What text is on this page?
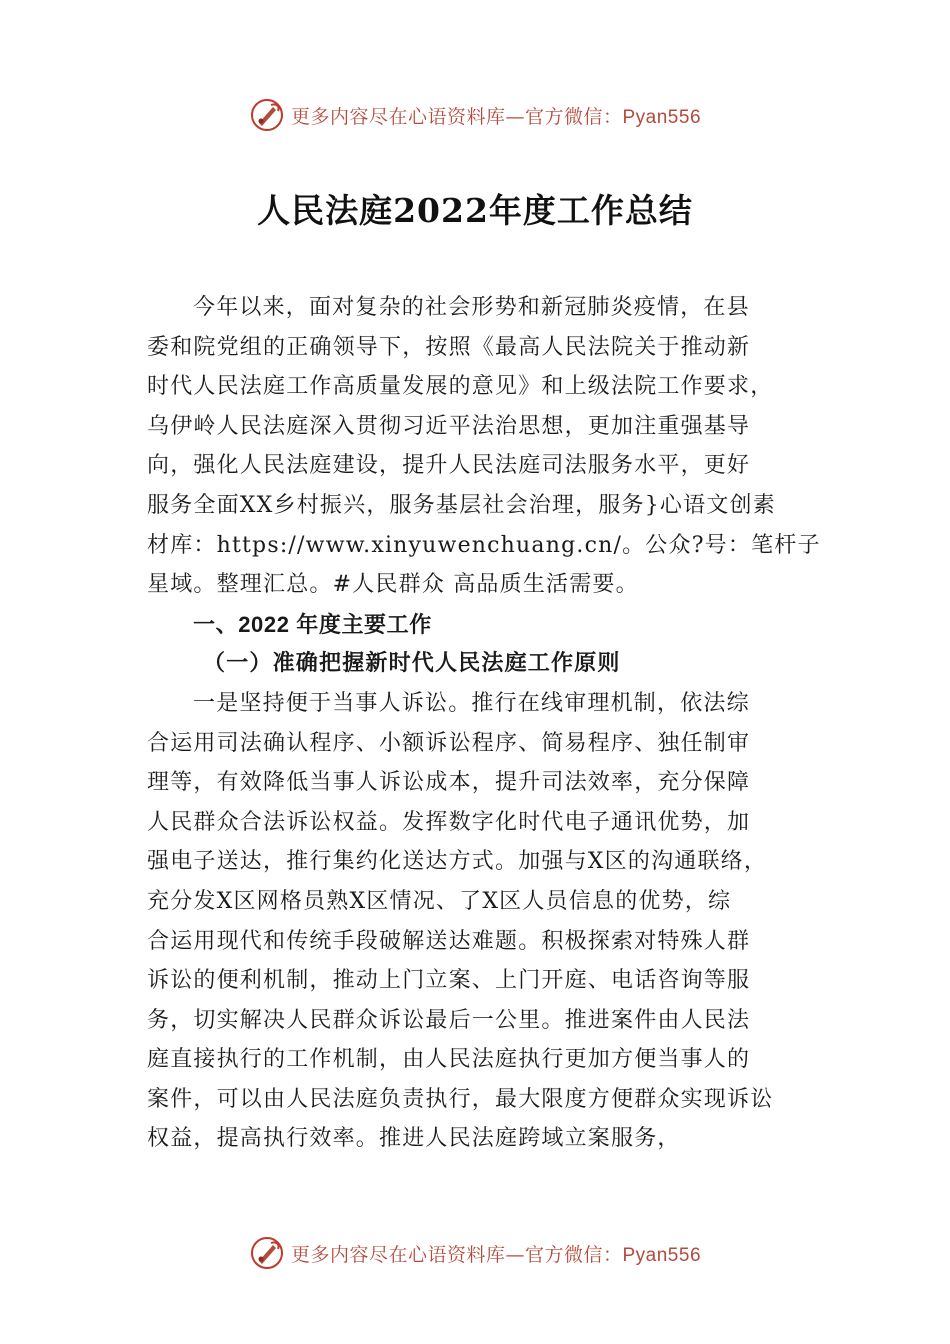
更多内容尽在心语资料库—官方微信：Pyan556
人民法庭2022年度工作总结
今年以来，面对复杂的社会形势和新冠肺炎疫情，在县
委和院党组的正确领导下，按照《最高人民法院关于推动新
时代人民法庭工作高质量发展的意见》和上级法院工作要求，
乌伊岭人民法庭深入贯彻习近平法治思想，更加注重强基导
向，强化人民法庭建设，提升人民法庭司法服务水平，更好
服务全面XX乡村振兴，服务基层社会治理，服务}心语文创素
材库：https://www.xinyuwenchuang.cn/。公众?号：笔杆子
星域。整理汇总。#人民群众 高品质生活需要。
一、2022 年度主要工作
（一）准确把握新时代人民法庭工作原则
一是坚持便于当事人诉讼。推行在线审理机制，依法综
合运用司法确认程序、小额诉讼程序、简易程序、独任制审
理等，有效降低当事人诉讼成本，提升司法效率，充分保障
人民群众合法诉讼权益。发挥数字化时代电子通讯优势，加
强电子送达，推行集约化送达方式。加强与X区的沟通联络，
充分发X区网格员熟X区情况、了X区人员信息的优势，综
合运用现代和传统手段破解送达难题。积极探索对特殊人群
诉讼的便利机制，推动上门立案、上门开庭、电话咨询等服
务，切实解决人民群众诉讼最后一公里。推进案件由人民法
庭直接执行的工作机制，由人民法庭执行更加方便当事人的
案件，可以由人民法庭负责执行，最大限度方便群众实现诉讼
权益，提高执行效率。推进人民法庭跨域立案服务，
更多内容尽在心语资料库—官方微信：Pyan556
